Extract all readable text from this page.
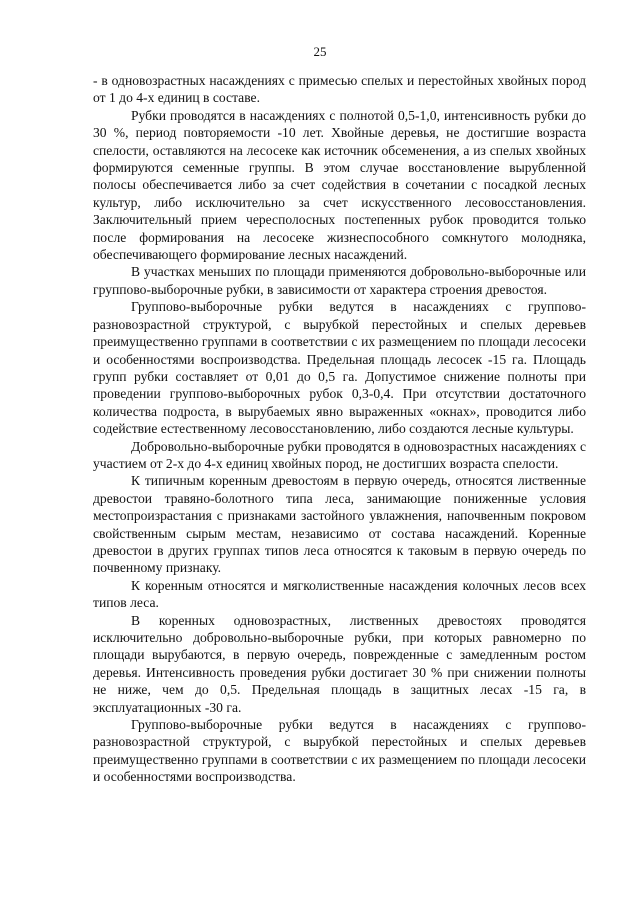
25

- в одновозрастных насаждениях с примесью спелых и перестойных хвойных пород от 1 до 4-х единиц в составе.

Рубки проводятся в насаждениях с полнотой 0,5-1,0, интенсивность рубки до 30 %, период повторяемости -10 лет. Хвойные деревья, не достигшие возраста спелости, оставляются на лесосеке как источник обсеменения, а из спелых хвойных формируются семенные группы. В этом случае восстановление вырубленной полосы обеспечивается либо за счет содействия в сочетании с посадкой лесных культур, либо исключительно за счет искусственного лесовосстановления. Заключительный прием чересполосных постепенных рубок проводится только после формирования на лесосеке жизнеспособного сомкнутого молодняка, обеспечивающего формирование лесных насаждений.

В участках меньших по площади применяются добровольно-выборочные или группово-выборочные рубки, в зависимости от характера строения древостоя.

Группово-выборочные рубки ведутся в насаждениях с группово-разновозрастной структурой, с вырубкой перестойных и спелых деревьев преимущественно группами в соответствии с их размещением по площади лесосеки и особенностями воспроизводства. Предельная площадь лесосек -15 га. Площадь групп рубки составляет от 0,01 до 0,5 га. Допустимое снижение полноты при проведении группово-выборочных рубок 0,3-0,4. При отсутствии достаточного количества подроста, в вырубаемых явно выраженных «окнах», проводится либо содействие естественному лесовосстановлению, либо создаются лесные культуры.

Добровольно-выборочные рубки проводятся в одновозрастных насаждениях с участием от 2-х до 4-х единиц хвойных пород, не достигших возраста спелости.

К типичным коренным древостоям в первую очередь, относятся лиственные древостои травяно-болотного типа леса, занимающие пониженные условия местопроизрастания с признаками застойного увлажнения, напочвенным покровом свойственным сырым местам, независимо от состава насаждений. Коренные древостои в других группах типов леса относятся к таковым в первую очередь по почвенному признаку.

К коренным относятся и мягколиственные насаждения колочных лесов всех типов леса.

В коренных одновозрастных, лиственных древостоях проводятся исключительно добровольно-выборочные рубки, при которых равномерно по площади вырубаются, в первую очередь, поврежденные с замедленным ростом деревья. Интенсивность проведения рубки достигает 30 % при снижении полноты не ниже, чем до 0,5. Предельная площадь в защитных лесах -15 га, в эксплуатационных -30 га.

Группово-выборочные рубки ведутся в насаждениях с группово-разновозрастной структурой, с вырубкой перестойных и спелых деревьев преимущественно группами в соответствии с их размещением по площади лесосеки и особенностями воспроизводства.
